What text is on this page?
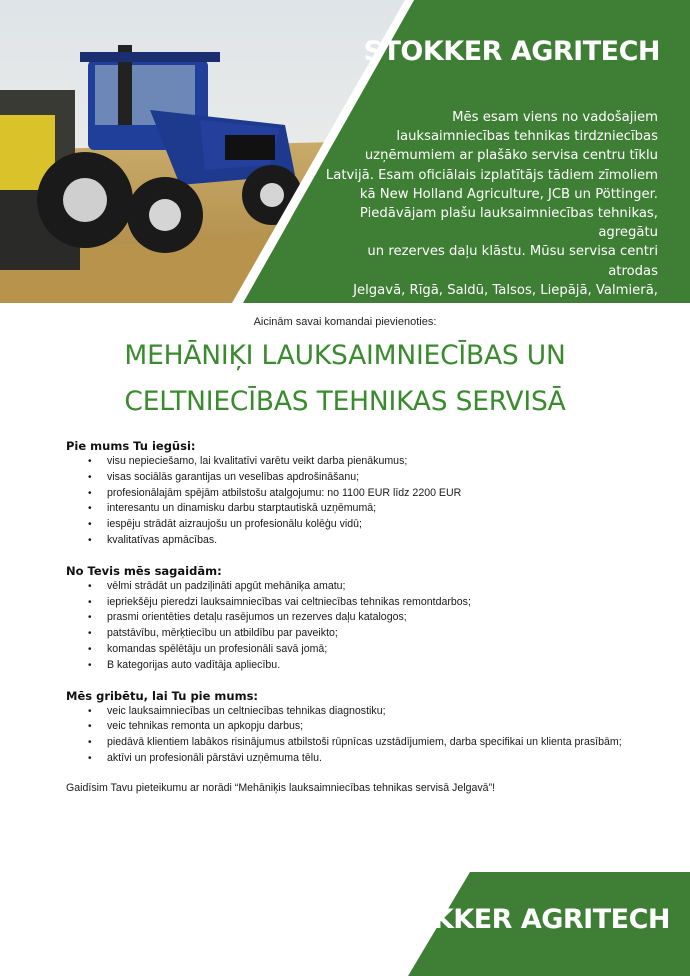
STOKKER AGRITECH
Mēs esam viens no vadošajiem
lauksaimniecības tehnikas tirdzniecības
uzņēmumiem ar plašāko servisa centru tīklu
Latvijā. Esam oficiālais izplatītājs tādiem zīmoliem
kā New Holland Agriculture, JCB un Pöttinger.
Piedāvājam plašu lauksaimniecības tehnikas, agregātu
un rezerves daļu klāstu. Mūsu servisa centri atrodas
Jelgavā, Rīgā, Saldū, Talsos, Liepājā, Valmierā, Jēkabpilī,
Rēzeknē un Gulbenē.
Aicinām savai komandai pievienoties:
MEHĀNIĶI LAUKSAIMNIECĪBAS UN
CELTNIECĪBAS TEHNIKAS SERVISĀ

Pie mums Tu iegūsi:

• visu nepieciešamo, lai kvalitatīvi varētu veikt darba pienākumus;
• visas sociālās garantijas un veselības apdrošināšanu;
• profesionālajām spējām atbilstošu atalgojumu: no 1100 EUR līdz 2200 EUR
• interesantu un dinamisku darbu starptautiskā uzņēmumā;
• iespēju strādāt aizraujošu un profesionālu kolēģu vidū;
• kvalitatīvas apmācības.

No Tevis mēs sagaidām:

• vēlmi strādāt un padziļināti apgūt mehāniķa amatu;
• iepriekšēju pieredzi lauksaimniecības vai celtniecības tehnikas remontdarbos;
• prasmi orientēties detaļu rasējumos un rezerves daļu katalogos;
• patstāvību, mērķtiecību un atbildību par paveikto;
• komandas spēlētāju un profesionāli savā jomā;
• B kategorijas auto vadītāja apliecību.

Mēs gribētu, lai Tu pie mums:

• veic lauksaimniecības un celtniecības tehnikas diagnostiku;
• veic tehnikas remonta un apkopju darbus;
• piedāvā klientiem labākos risinājumus atbilstoši rūpnīcas uzstādījumiem, darba specifikai un klienta prasībām;
• aktīvi un profesionāli pārstāvi uzņēmuma tēlu.
Gaidīsim Tavu pieteikumu ar norādi “Mehāniķis lauksaimniecības tehnikas servisā Jelgavā”!
STOKKER AGRITECH
